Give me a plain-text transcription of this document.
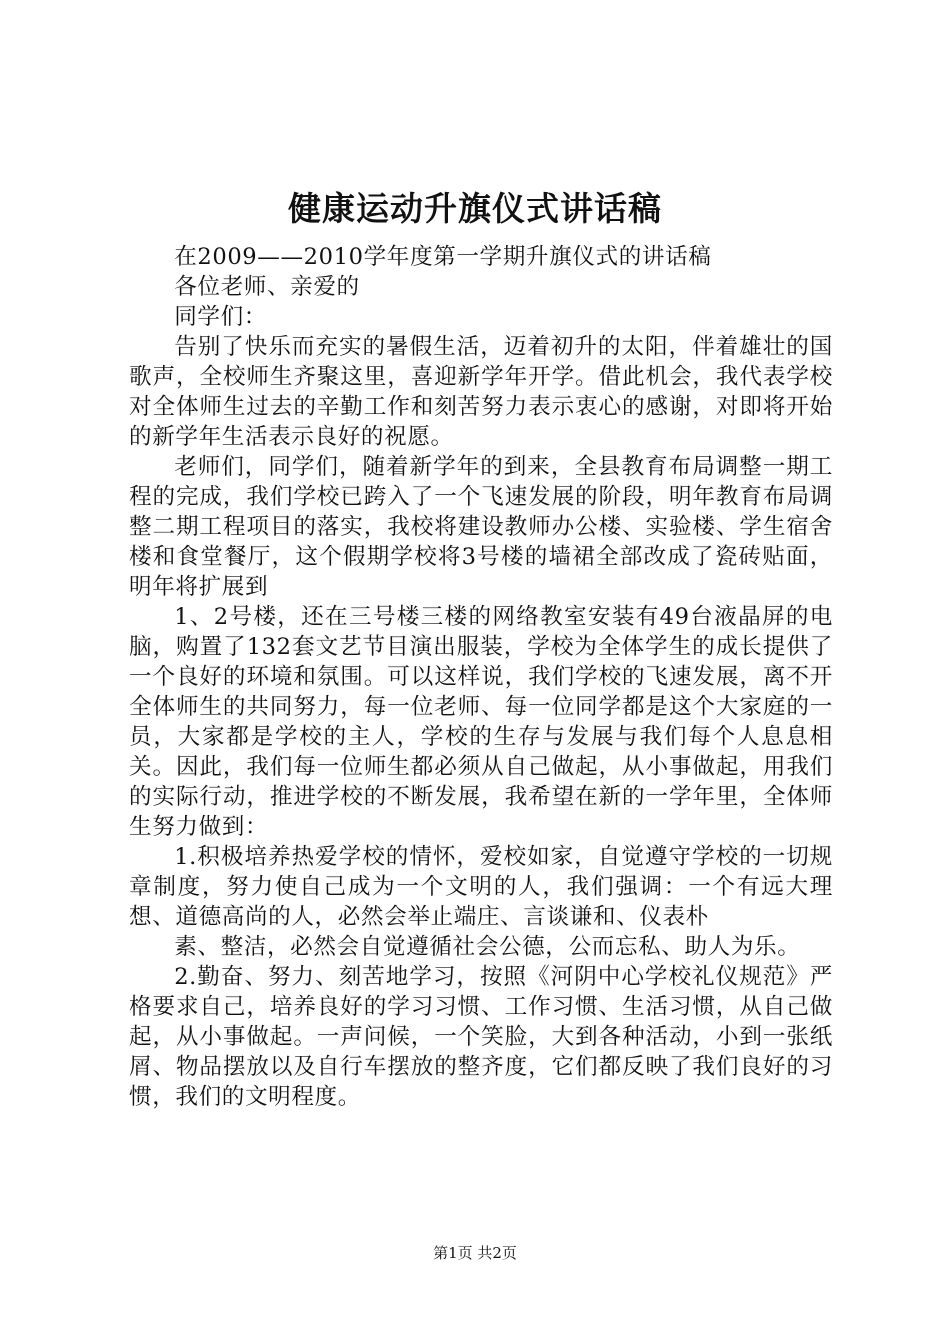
健康运动升旗仪式讲话稿

在2009——2010学年度第一学期升旗仪式的讲话稿

各位老师、亲爱的

同学们：

告别了快乐而充实的暑假生活，迈着初升的太阳，伴着雄壮的国歌声，全校师生齐聚这里，喜迎新学年开学。借此机会，我代表学校对全体师生过去的辛勤工作和刻苦努力表示衷心的感谢，对即将开始的新学年生活表示良好的祝愿。

老师们，同学们，随着新学年的到来，全县教育布局调整一期工程的完成，我们学校已跨入了一个飞速发展的阶段，明年教育布局调整二期工程项目的落实，我校将建设教师办公楼、实验楼、学生宿舍楼和食堂餐厅，这个假期学校将3号楼的墙裙全部改成了瓷砖贴面，明年将扩展到

1、2号楼，还在三号楼三楼的网络教室安装有49台液晶屏的电脑，购置了132套文艺节目演出服装，学校为全体学生的成长提供了一个良好的环境和氛围。可以这样说，我们学校的飞速发展，离不开全体师生的共同努力，每一位老师、每一位同学都是这个大家庭的一员，大家都是学校的主人，学校的生存与发展与我们每个人息息相关。因此，我们每一位师生都必须从自己做起，从小事做起，用我们的实际行动，推进学校的不断发展，我希望在新的一学年里，全体师生努力做到：

1.积极培养热爱学校的情怀，爱校如家，自觉遵守学校的一切规章制度，努力使自己成为一个文明的人，我们强调：一个有远大理想、道德高尚的人，必然会举止端庄、言谈谦和、仪表朴

素、整洁，必然会自觉遵循社会公德，公而忘私、助人为乐。

2.勤奋、努力、刻苦地学习，按照《河阴中心学校礼仪规范》严格要求自己，培养良好的学习习惯、工作习惯、生活习惯，从自己做起，从小事做起。一声问候，一个笑脸，大到各种活动，小到一张纸屑、物品摆放以及自行车摆放的整齐度，它们都反映了我们良好的习惯，我们的文明程度。

第1页 共2页
